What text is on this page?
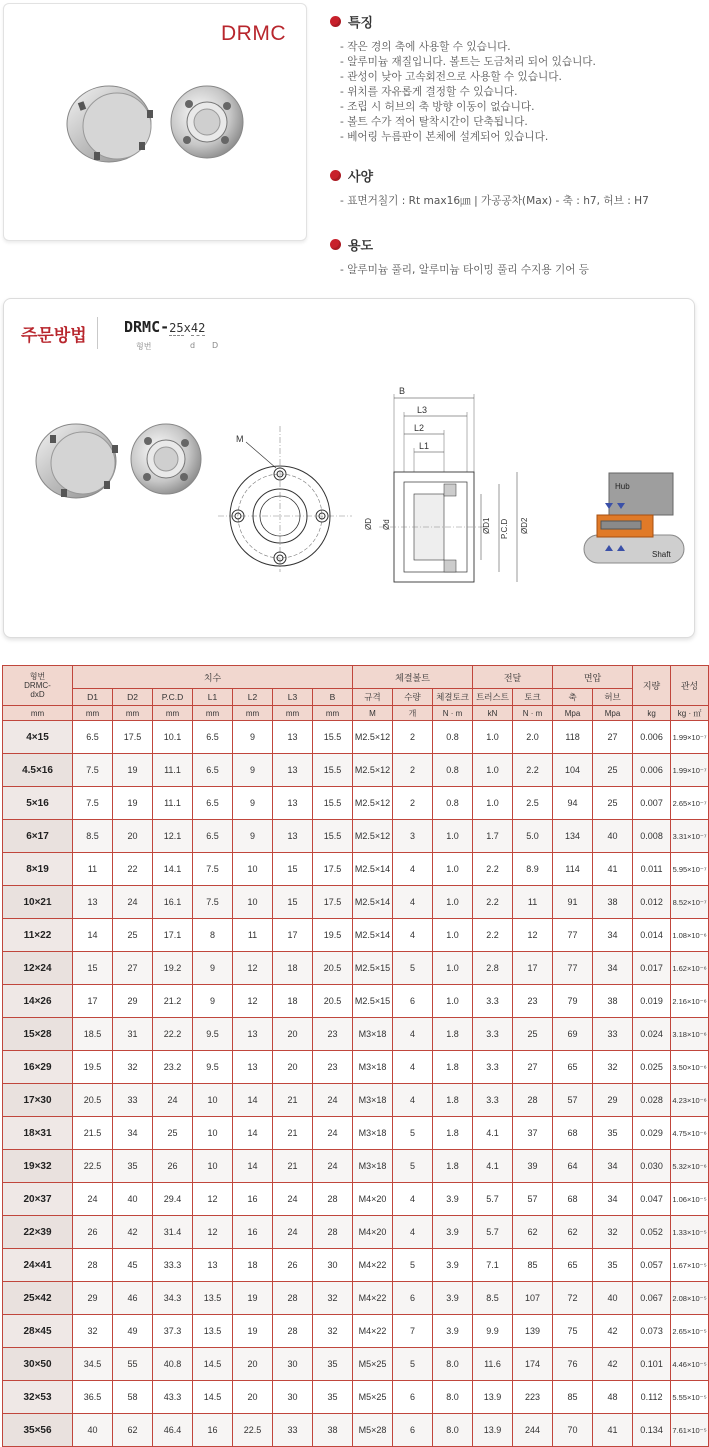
DRMC	특징
- 작은 경의 축에 사용할 수 있습니다.
- 알루미늄 재질입니다. 볼트는 도금처리 되어 있습니다.
- 관성이 낮아 고속회전으로 사용할 수 있습니다.
- 위치를 자유롭게 결정할 수 있습니다.
- 조립 시 허브의 축 방향 이동이 없습니다.
- 볼트 수가 적어 탈착시간이 단축됩니다.
- 베어링 누름판이 본체에 설계되어 있습니다.
사양
- 표면거칠기 : Rt max16㎛ | 가공공차(Max) - 축 : h7, 허브 : H7
용도
- 알루미늄 풀리, 알루미늄 타이밍 풀리 수지용 기어 등
주문방법 DRMC-25x42
형번	d D
M
B
L3
L2
L1
ØD Ød	ØD1 P.C.D ØD2
Hub
Shaft
형번
DRMC-
dxD	치수							체결볼트			전달		면압		지량	관성
	D1	D2	P.C.D	L1	L2	L3	B	규격	수량	체결토크	트러스트	토크	축	허브		
mm	mm	mm	mm	mm	mm	mm	mm	M	개	N · m	kN	N · m	Mpa	Mpa	kg	kg · ㎡
4×15	6.5	17.5	10.1	6.5	9	13	15.5	M2.5×12	2	0.8	1.0	2.0	118	27	0.006	1.99×10⁻⁷
4.5×16	7.5	19	11.1	6.5	9	13	15.5	M2.5×12	2	0.8	1.0	2.2	104	25	0.006	1.99×10⁻⁷
5×16	7.5	19	11.1	6.5	9	13	15.5	M2.5×12	2	0.8	1.0	2.5	94	25	0.007	2.65×10⁻⁷
6×17	8.5	20	12.1	6.5	9	13	15.5	M2.5×12	3	1.0	1.7	5.0	134	40	0.008	3.31×10⁻⁷
8×19	11	22	14.1	7.5	10	15	17.5	M2.5×14	4	1.0	2.2	8.9	114	41	0.011	5.95×10⁻⁷
10×21	13	24	16.1	7.5	10	15	17.5	M2.5×14	4	1.0	2.2	11	91	38	0.012	8.52×10⁻⁷
11×22	14	25	17.1	8	11	17	19.5	M2.5×14	4	1.0	2.2	12	77	34	0.014	1.08×10⁻⁶
12×24	15	27	19.2	9	12	18	20.5	M2.5×15	5	1.0	2.8	17	77	34	0.017	1.62×10⁻⁶
14×26	17	29	21.2	9	12	18	20.5	M2.5×15	6	1.0	3.3	23	79	38	0.019	2.16×10⁻⁶
15×28	18.5	31	22.2	9.5	13	20	23	M3×18	4	1.8	3.3	25	69	33	0.024	3.18×10⁻⁶
16×29	19.5	32	23.2	9.5	13	20	23	M3×18	4	1.8	3.3	27	65	32	0.025	3.50×10⁻⁶
17×30	20.5	33	24	10	14	21	24	M3×18	4	1.8	3.3	28	57	29	0.028	4.23×10⁻⁶
18×31	21.5	34	25	10	14	21	24	M3×18	5	1.8	4.1	37	68	35	0.029	4.75×10⁻⁶
19×32	22.5	35	26	10	14	21	24	M3×18	5	1.8	4.1	39	64	34	0.030	5.32×10⁻⁶
20×37	24	40	29.4	12	16	24	28	M4×20	4	3.9	5.7	57	68	34	0.047	1.06×10⁻⁵
22×39	26	42	31.4	12	16	24	28	M4×20	4	3.9	5.7	62	62	32	0.052	1.33×10⁻⁵
24×41	28	45	33.3	13	18	26	30	M4×22	5	3.9	7.1	85	65	35	0.057	1.67×10⁻⁵
25×42	29	46	34.3	13.5	19	28	32	M4×22	6	3.9	8.5	107	72	40	0.067	2.08×10⁻⁵
28×45	32	49	37.3	13.5	19	28	32	M4×22	7	3.9	9.9	139	75	42	0.073	2.65×10⁻⁵
30×50	34.5	55	40.8	14.5	20	30	35	M5×25	5	8.0	11.6	174	76	42	0.101	4.46×10⁻⁵
32×53	36.5	58	43.3	14.5	20	30	35	M5×25	6	8.0	13.9	223	85	48	0.112	5.55×10⁻⁵
35×56	40	62	46.4	16	22.5	33	38	M5×28	6	8.0	13.9	244	70	41	0.134	7.61×10⁻⁵
